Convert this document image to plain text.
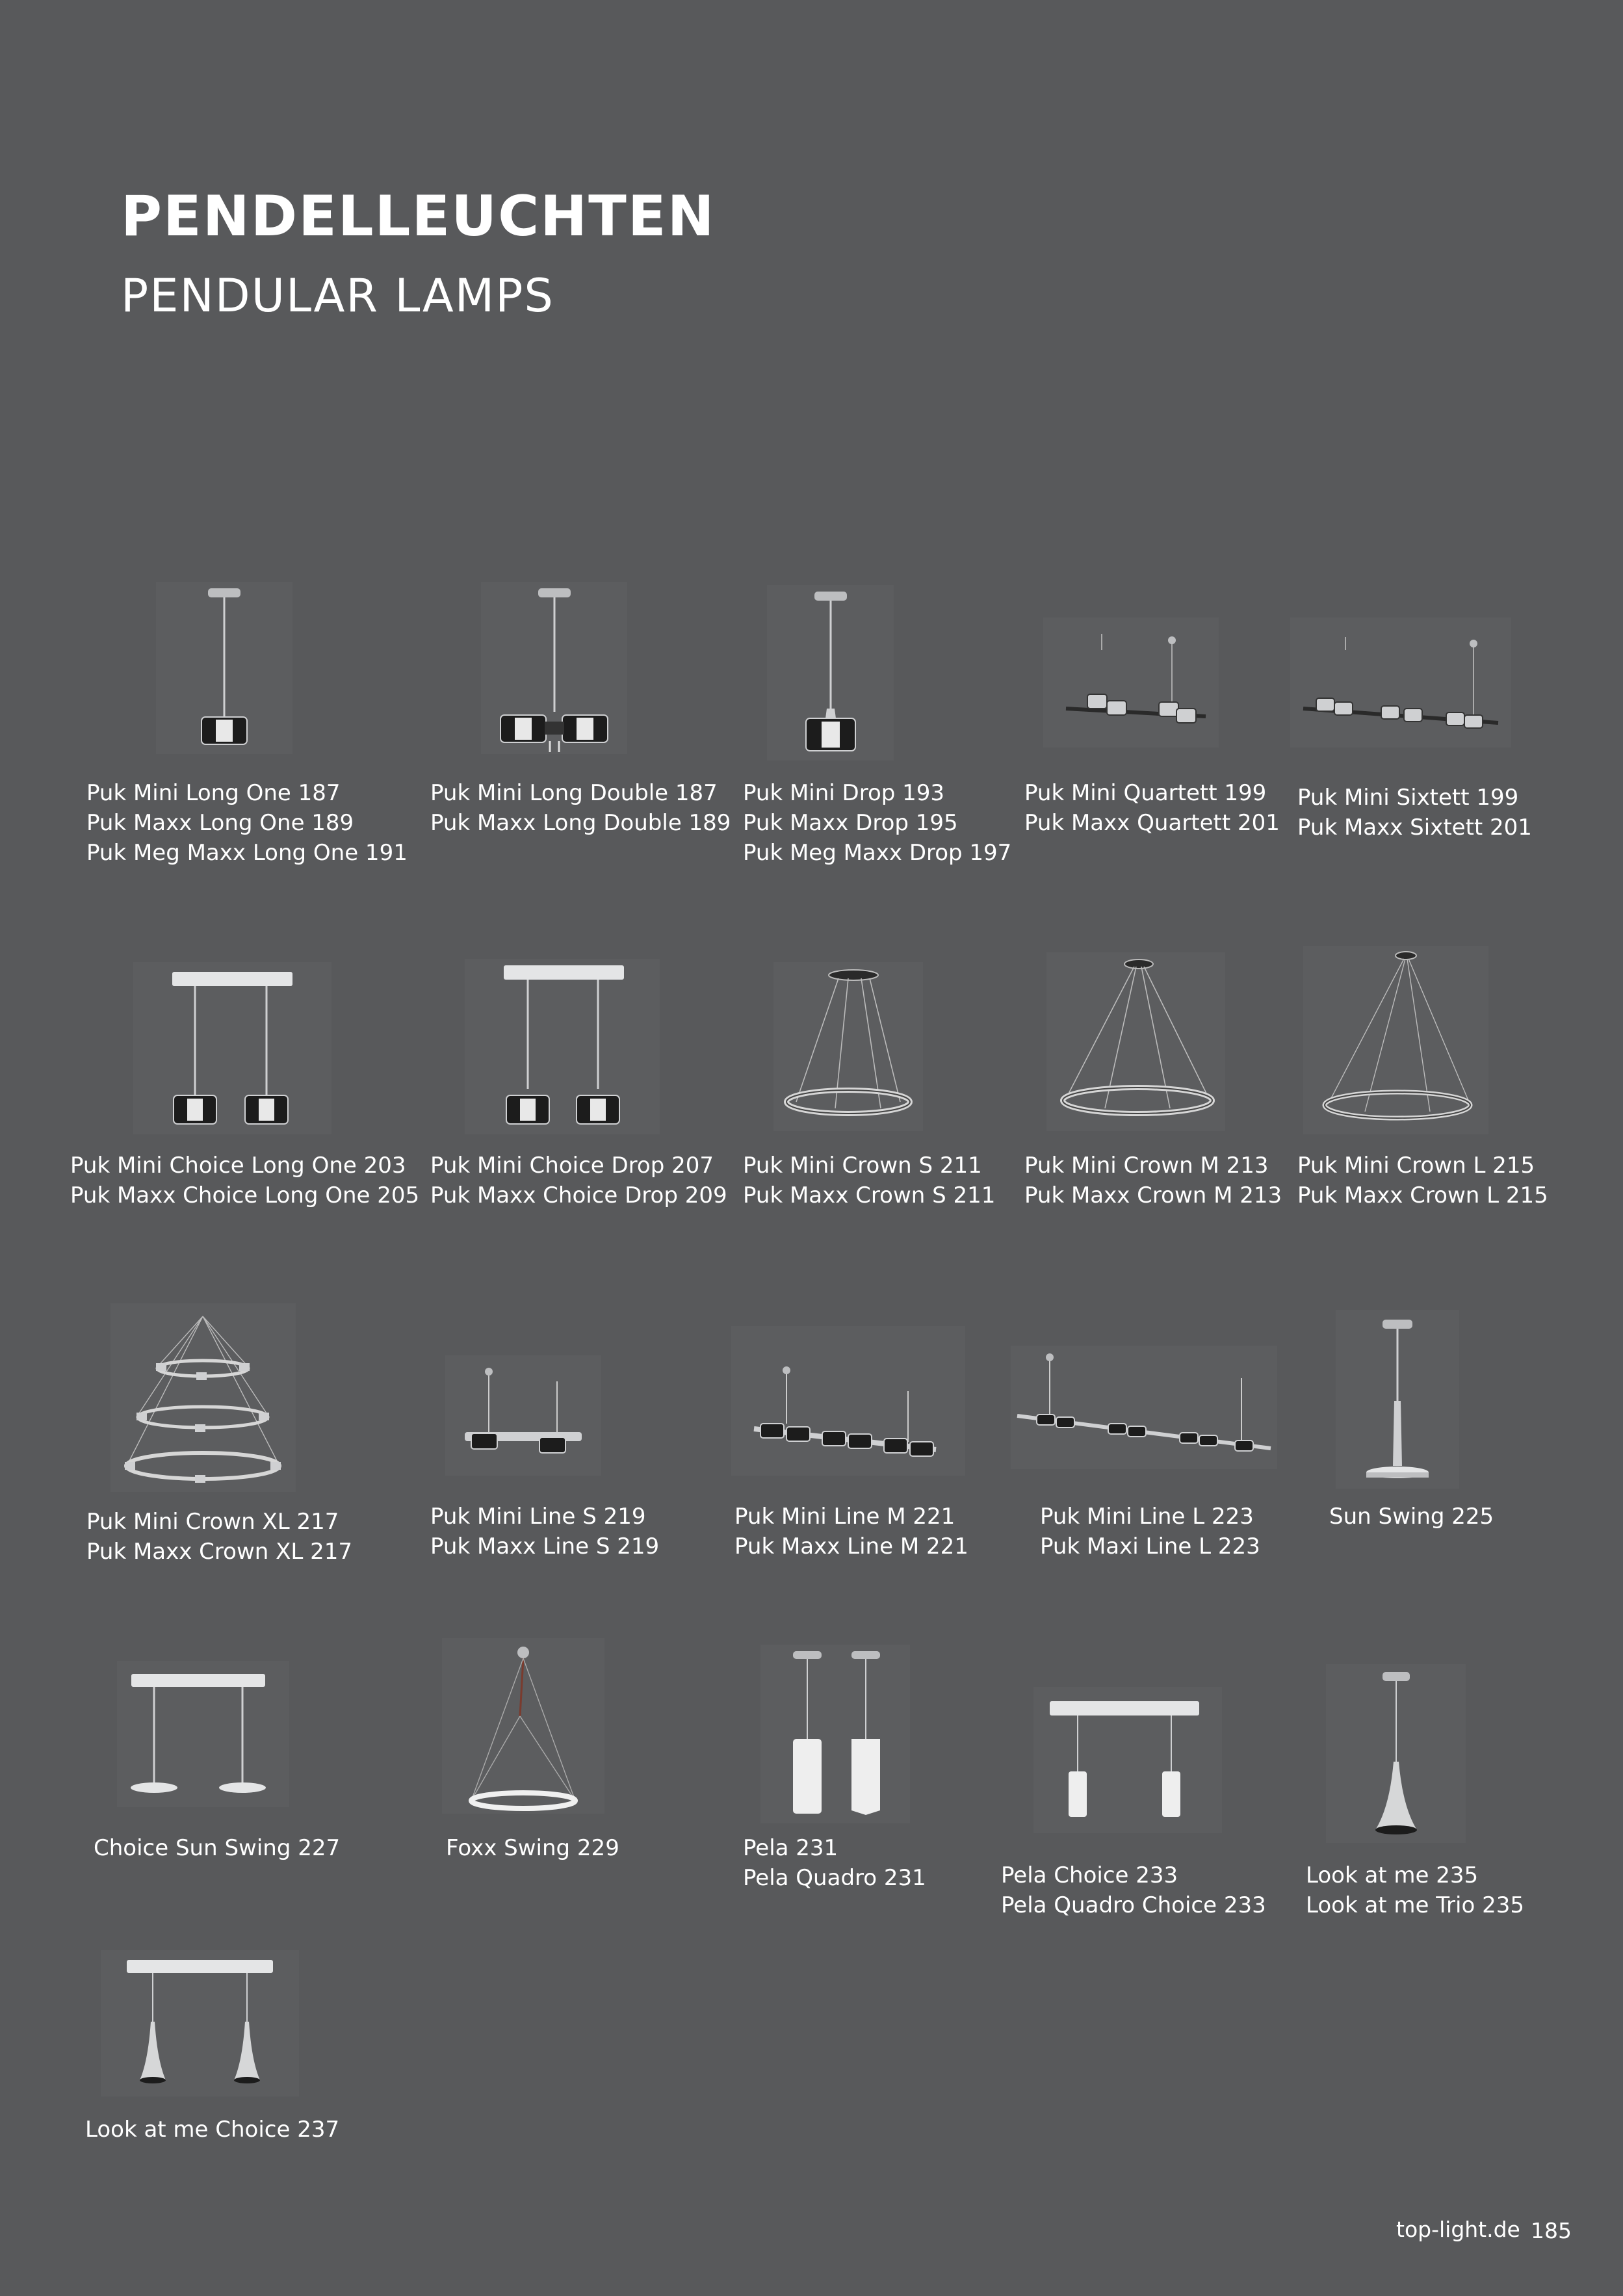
PENDELLEUCHTEN
PENDULAR LAMPS
Puk Mini Long One 187
Puk Maxx Long One 189
Puk Meg Maxx Long One 191
Puk Mini Long Double 187
Puk Maxx Long Double 189
Puk Mini Drop 193
Puk Maxx Drop 195
Puk Meg Maxx Drop 197
Puk Mini Quartett 199
Puk Maxx Quartett 201
Puk Mini Sixtett 199
Puk Maxx Sixtett 201
Puk Mini Choice Long One 203
Puk Maxx Choice Long One 205
Puk Mini Choice Drop 207
Puk Maxx Choice Drop 209
Puk Mini Crown S 211
Puk Maxx Crown S 211
Puk Mini Crown M 213
Puk Maxx Crown M 213
Puk Mini Crown L 215
Puk Maxx Crown L 215
Puk Mini Crown XL 217
Puk Maxx Crown XL 217
Puk Mini Line S 219
Puk Maxx Line S 219
Puk Mini Line M 221
Puk Maxx Line M 221
Puk Mini Line L 223
Puk Maxi Line L 223
Sun Swing 225
Choice Sun Swing 227	Foxx Swing 229	Pela 231
Pela Quadro 231	Pela Choice 233
Pela Quadro Choice 233
Look at me 235
Look at me Trio 235
Look at me Choice 237
top-light.de 185
